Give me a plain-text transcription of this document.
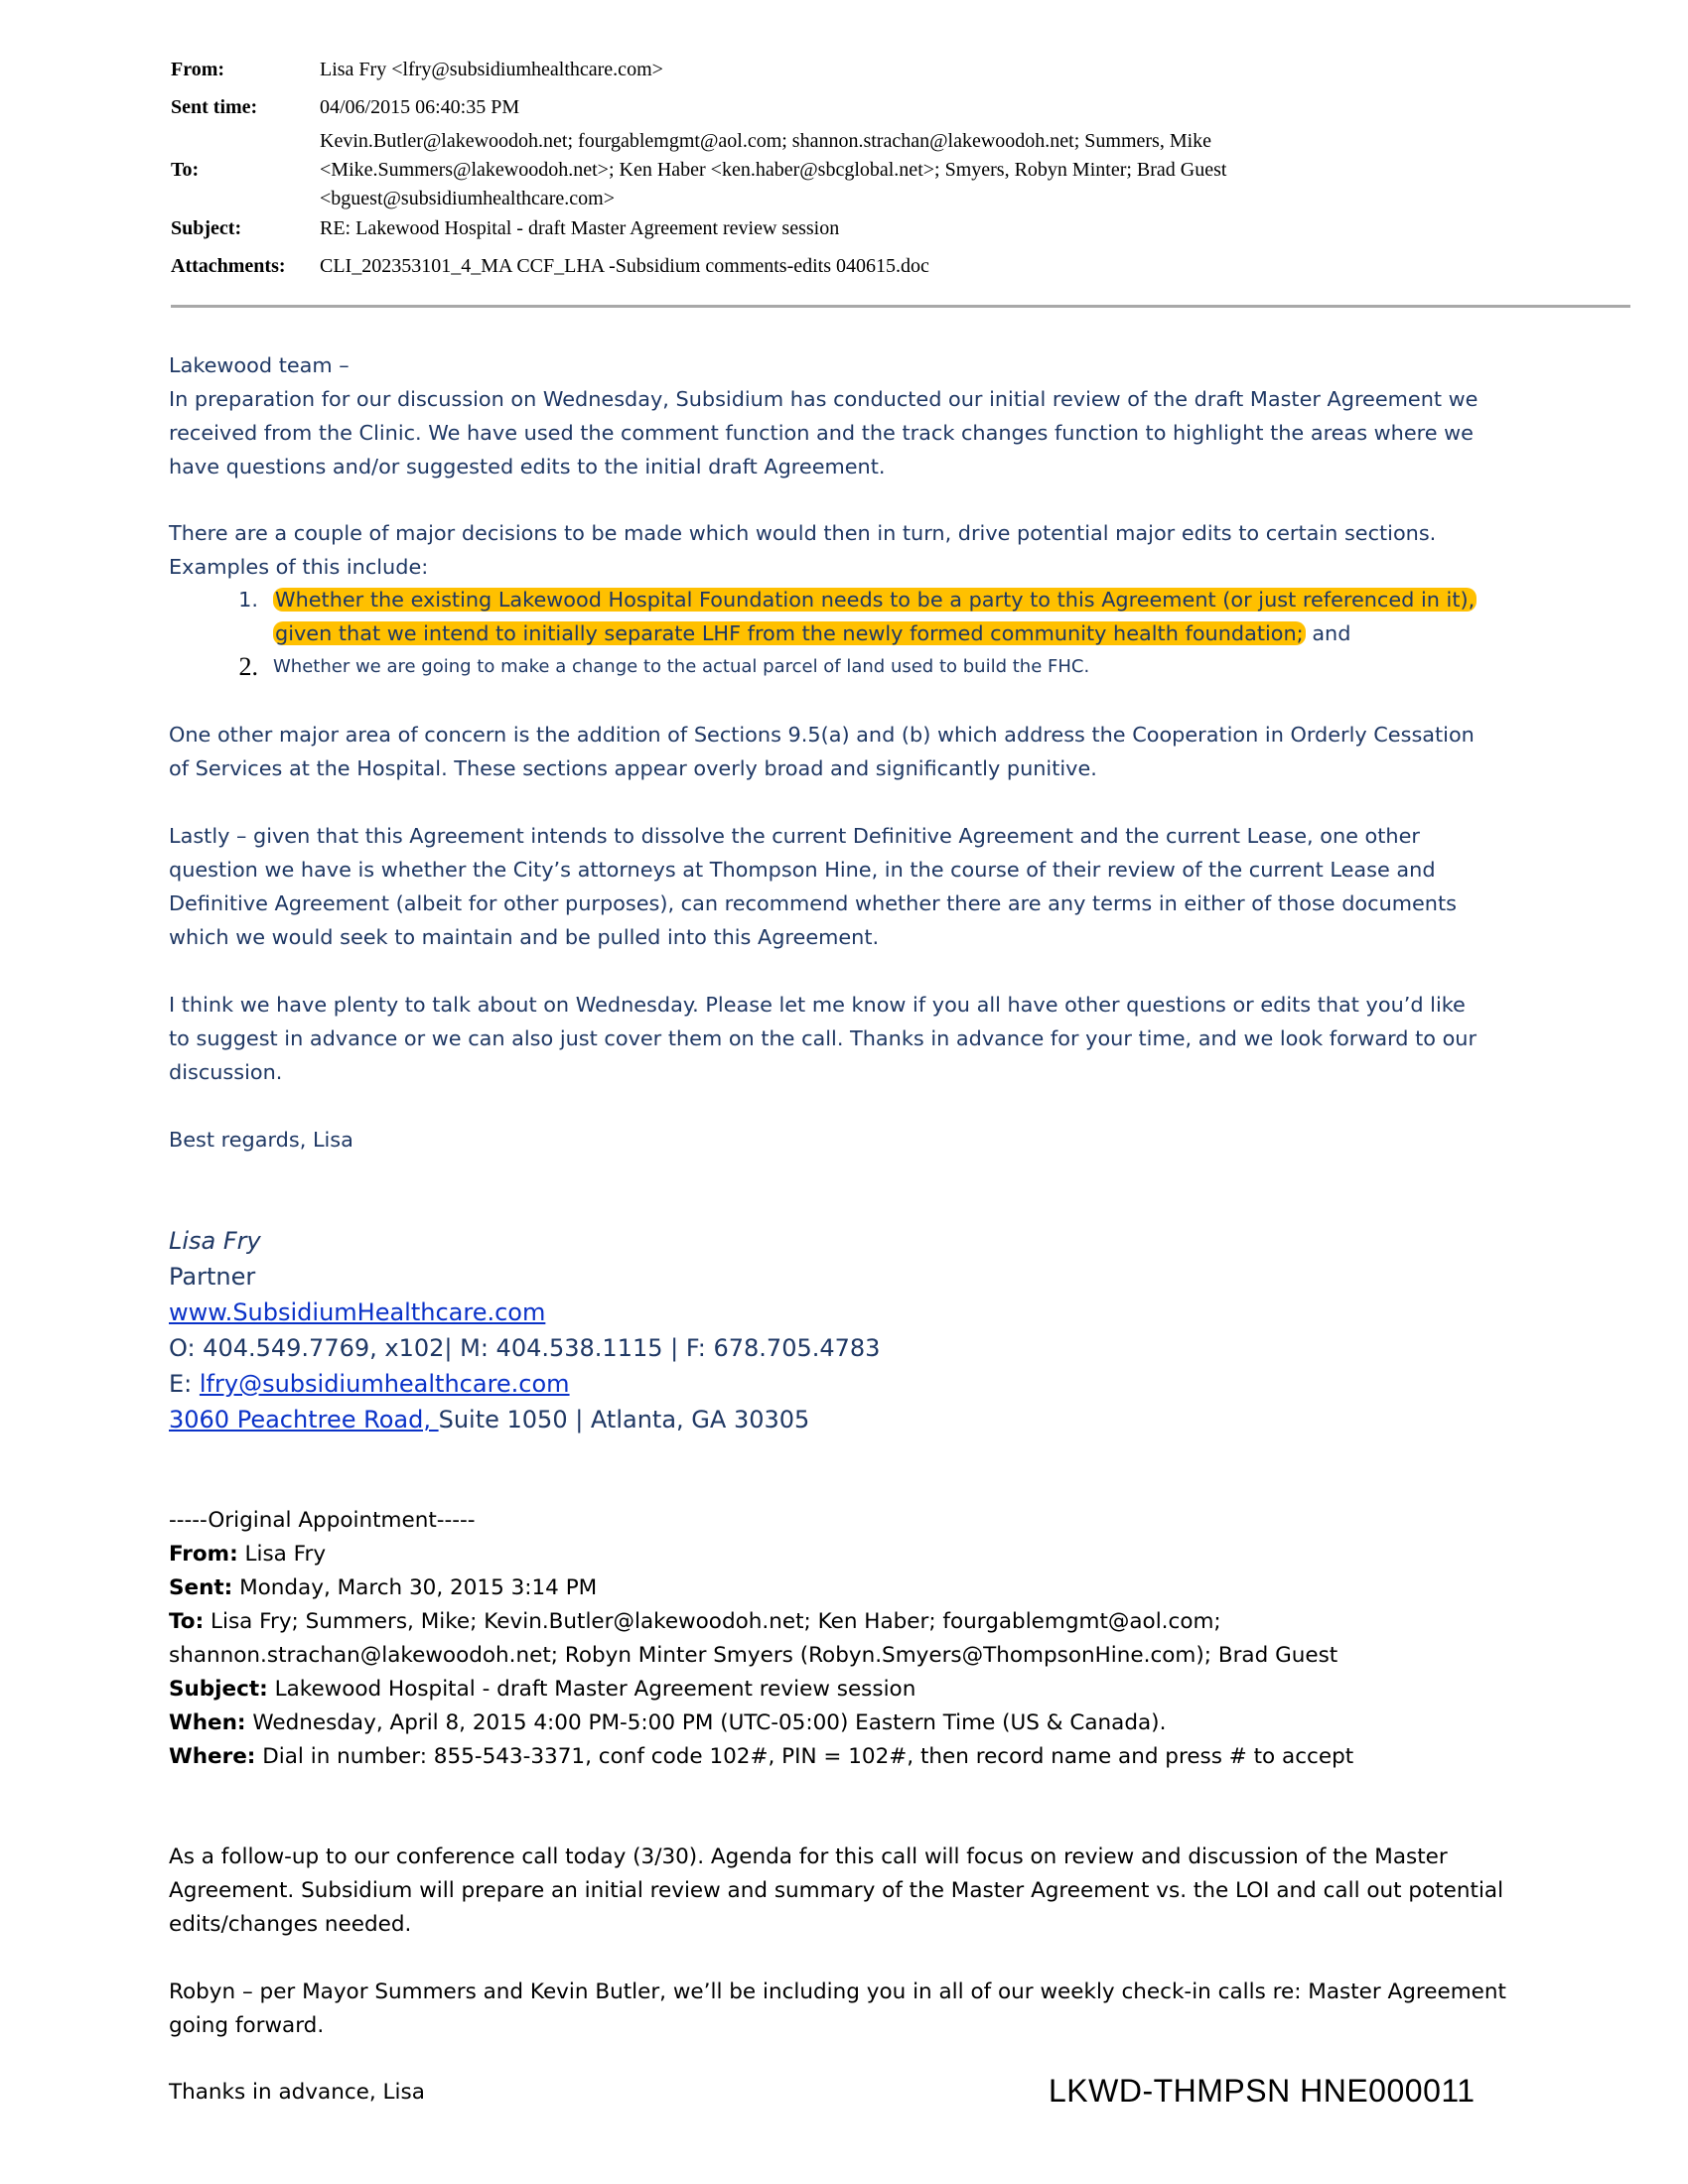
From:	Lisa Fry <lfry@subsidiumhealthcare.com>
Sent time:	04/06/2015 06:40:35 PM
To:
Kevin.Butler@lakewoodoh.net; fourgablemgmt@aol.com; shannon.strachan@lakewoodoh.net; Summers, Mike
<Mike.Summers@lakewoodoh.net>; Ken Haber <ken.haber@sbcglobal.net>; Smyers, Robyn Minter; Brad Guest
<bguest@subsidiumhealthcare.com>
Subject:	RE: Lakewood Hospital - draft Master Agreement review session
Attachments:	CLI_202353101_4_MA CCF_LHA -Subsidium comments-edits 040615.doc

Lakewood team –

In preparation for our discussion on Wednesday, Subsidium has conducted our initial review of the draft Master Agreement we

received from the Clinic. We have used the comment function and the track changes function to highlight the areas where we

have questions and/or suggested edits to the initial draft Agreement.

There are a couple of major decisions to be made which would then in turn, drive potential major edits to certain sections.

Examples of this include:

1. Whether the existing Lakewood Hospital Foundation needs to be a party to this Agreement (or just referenced in it),
given that we intend to initially separate LHF from the newly formed community health foundation; and
2. Whether we are going to make a change to the actual parcel of land used to build the FHC.

One other major area of concern is the addition of Sections 9.5(a) and (b) which address the Cooperation in Orderly Cessation

of Services at the Hospital. These sections appear overly broad and significantly punitive.

Lastly – given that this Agreement intends to dissolve the current Definitive Agreement and the current Lease, one other

question we have is whether the City’s attorneys at Thompson Hine, in the course of their review of the current Lease and

Definitive Agreement (albeit for other purposes), can recommend whether there are any terms in either of those documents

which we would seek to maintain and be pulled into this Agreement.

I think we have plenty to talk about on Wednesday. Please let me know if you all have other questions or edits that you’d like

to suggest in advance or we can also just cover them on the call. Thanks in advance for your time, and we look forward to our

discussion.

Best regards, Lisa
Lisa Fry
Partner
www.SubsidiumHealthcare.com
O: 404.549.7769, x102| M: 404.538.1115 | F: 678.705.4783
E: lfry@subsidiumhealthcare.com
3060 Peachtree Road, Suite 1050 | Atlanta, GA 30305

-----Original Appointment-----

From: Lisa Fry

Sent: Monday, March 30, 2015 3:14 PM

To: Lisa Fry; Summers, Mike; Kevin.Butler@lakewoodoh.net; Ken Haber; fourgablemgmt@aol.com;

shannon.strachan@lakewoodoh.net; Robyn Minter Smyers (Robyn.Smyers@ThompsonHine.com); Brad Guest

Subject: Lakewood Hospital - draft Master Agreement review session

When: Wednesday, April 8, 2015 4:00 PM-5:00 PM (UTC-05:00) Eastern Time (US & Canada).

Where: Dial in number: 855-543-3371, conf code 102#, PIN = 102#, then record name and press # to accept

As a follow-up to our conference call today (3/30). Agenda for this call will focus on review and discussion of the Master

Agreement. Subsidium will prepare an initial review and summary of the Master Agreement vs. the LOI and call out potential

edits/changes needed.

Robyn – per Mayor Summers and Kevin Butler, we’ll be including you in all of our weekly check-in calls re: Master Agreement

going forward.

Thanks in advance, Lisa	LKWD-THMPSN HNE000011
